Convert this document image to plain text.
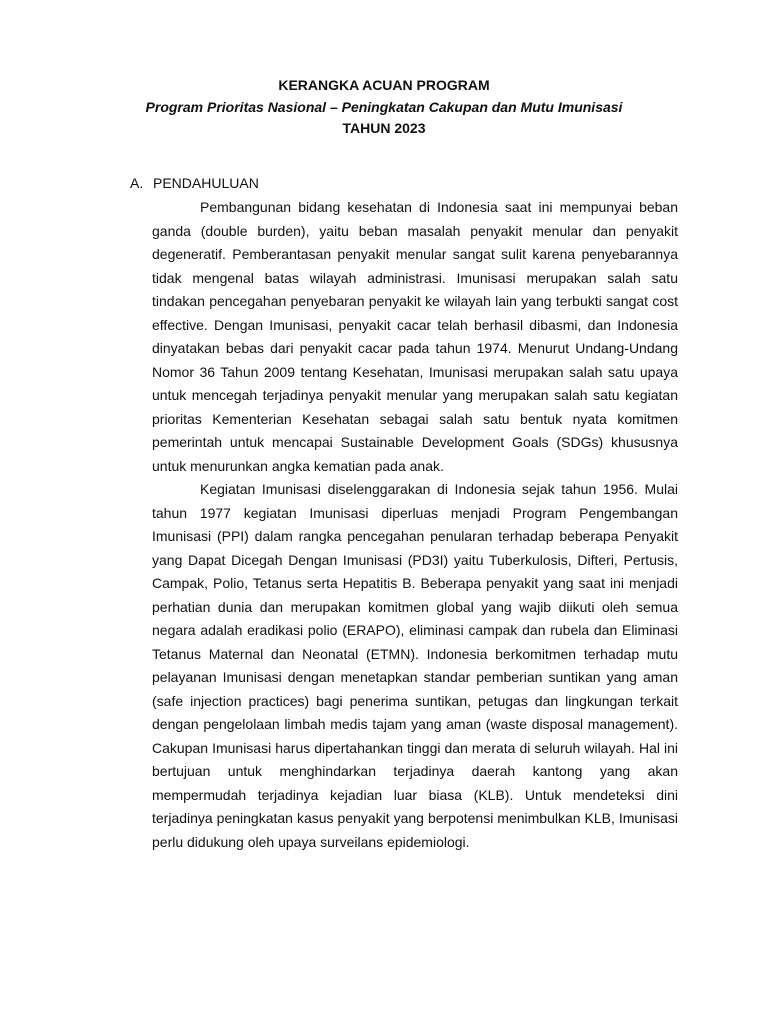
KERANGKA ACUAN PROGRAM
Program Prioritas Nasional – Peningkatan Cakupan dan Mutu Imunisasi
TAHUN 2023
A. PENDAHULUAN

Pembangunan bidang kesehatan di Indonesia saat ini mempunyai beban ganda (double burden), yaitu beban masalah penyakit menular dan penyakit degeneratif. Pemberantasan penyakit menular sangat sulit karena penyebarannya tidak mengenal batas wilayah administrasi. Imunisasi merupakan salah satu tindakan pencegahan penyebaran penyakit ke wilayah lain yang terbukti sangat cost effective. Dengan Imunisasi, penyakit cacar telah berhasil dibasmi, dan Indonesia dinyatakan bebas dari penyakit cacar pada tahun 1974. Menurut Undang-Undang Nomor 36 Tahun 2009 tentang Kesehatan, Imunisasi merupakan salah satu upaya untuk mencegah terjadinya penyakit menular yang merupakan salah satu kegiatan prioritas Kementerian Kesehatan sebagai salah satu bentuk nyata komitmen pemerintah untuk mencapai Sustainable Development Goals (SDGs) khususnya untuk menurunkan angka kematian pada anak.

Kegiatan Imunisasi diselenggarakan di Indonesia sejak tahun 1956. Mulai tahun 1977 kegiatan Imunisasi diperluas menjadi Program Pengembangan Imunisasi (PPI) dalam rangka pencegahan penularan terhadap beberapa Penyakit yang Dapat Dicegah Dengan Imunisasi (PD3I) yaitu Tuberkulosis, Difteri, Pertusis, Campak, Polio, Tetanus serta Hepatitis B. Beberapa penyakit yang saat ini menjadi perhatian dunia dan merupakan komitmen global yang wajib diikuti oleh semua negara adalah eradikasi polio (ERAPO), eliminasi campak dan rubela dan Eliminasi Tetanus Maternal dan Neonatal (ETMN). Indonesia berkomitmen terhadap mutu pelayanan Imunisasi dengan menetapkan standar pemberian suntikan yang aman (safe injection practices) bagi penerima suntikan, petugas dan lingkungan terkait dengan pengelolaan limbah medis tajam yang aman (waste disposal management). Cakupan Imunisasi harus dipertahankan tinggi dan merata di seluruh wilayah. Hal ini bertujuan untuk menghindarkan terjadinya daerah kantong yang akan mempermudah terjadinya kejadian luar biasa (KLB). Untuk mendeteksi dini terjadinya peningkatan kasus penyakit yang berpotensi menimbulkan KLB, Imunisasi perlu didukung oleh upaya surveilans epidemiologi.
